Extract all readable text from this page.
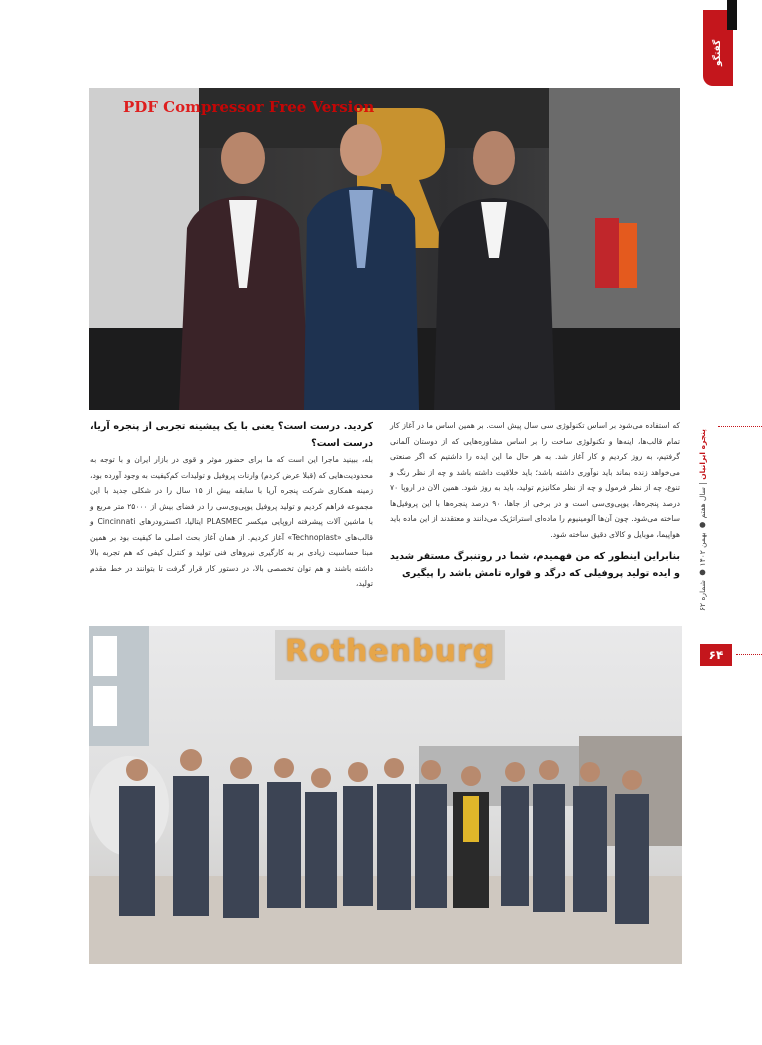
گفتگو
PDF Compressor Free Version

کردید. درست است؟ یعنی با یک پیشینه تجربی از پنجره آریا، درست است؟

بله، ببینید ماجرا این است که ما برای حضور موثر و قوی در بازار ایران و با توجه به محدودیت‌هایی که (قبلا عرض کردم) وارنات پروفیل و تولیدات کم‌کیفیت به وجود آورده بود، زمینه همکاری شرکت پنجره آریا با سابقه بیش از ۱۵ سال را در شکلی جدید با این مجموعه فراهم کردیم و تولید پروفیل یوپی‌وی‌سی را در فضای بیش از ۲۵۰۰۰ متر مربع و با ماشین آلات پیشرفته اروپایی میکسر PLASMEC ایتالیا، اکسترودرهای Cincinnati و قالب‌های «Technoplast» آغاز کردیم. از همان آغاز بحث اصلی ما کیفیت بود بر همین مبنا حساسیت زیادی بر به کارگیری نیروهای فنی تولید و کنترل کیفی که هم تجربه بالا داشته باشند و هم توان تخصصی بالا، در دستور کار قرار گرفت تا بتوانند در خط مقدم تولید،

که استفاده می‌شود بر اساس تکنولوژی سی سال پیش است. بر همین اساس ما در آغاز کار تمام قالب‌ها، اینه‌ها و تکنولوژی ساخت را بر اساس مشاوره‌هایی که از دوستان آلمانی گرفتیم، به روز کردیم و کار آغاز شد. به هر حال ما این ایده را داشتیم که اگر صنعتی می‌خواهد زنده بماند باید نوآوری داشته باشد؛ باید خلاقیت داشته باشد و چه از نظر رنگ و تنوع، چه از نظر فرمول و چه از نظر مکانیزم تولید، باید به روز شود. همین الان در اروپا ۷۰ درصد پنجره‌ها، یوپی‌وی‌سی است و در برخی از جاها، ۹۰ درصد پنجره‌ها با این پروفیل‌ها ساخته می‌شود. چون آن‌ها آلومینیوم را ماده‌ای استراتژیک می‌دانند و معتقدند از این ماده باید هواپیما، موبایل و کالای دقیق ساخته شود.

بنابراین اینطور که من فهمیدم، شما در روتنبرگ مستقر شدید و ایده تولید پروفیلی که درگد و قواره تامش باشد را پیگیری

پنجره ایرانیان | سال هفتم ● بهمن ۱۴۰۲ ● شماره ۶۲
۶۴
Rothenburg
